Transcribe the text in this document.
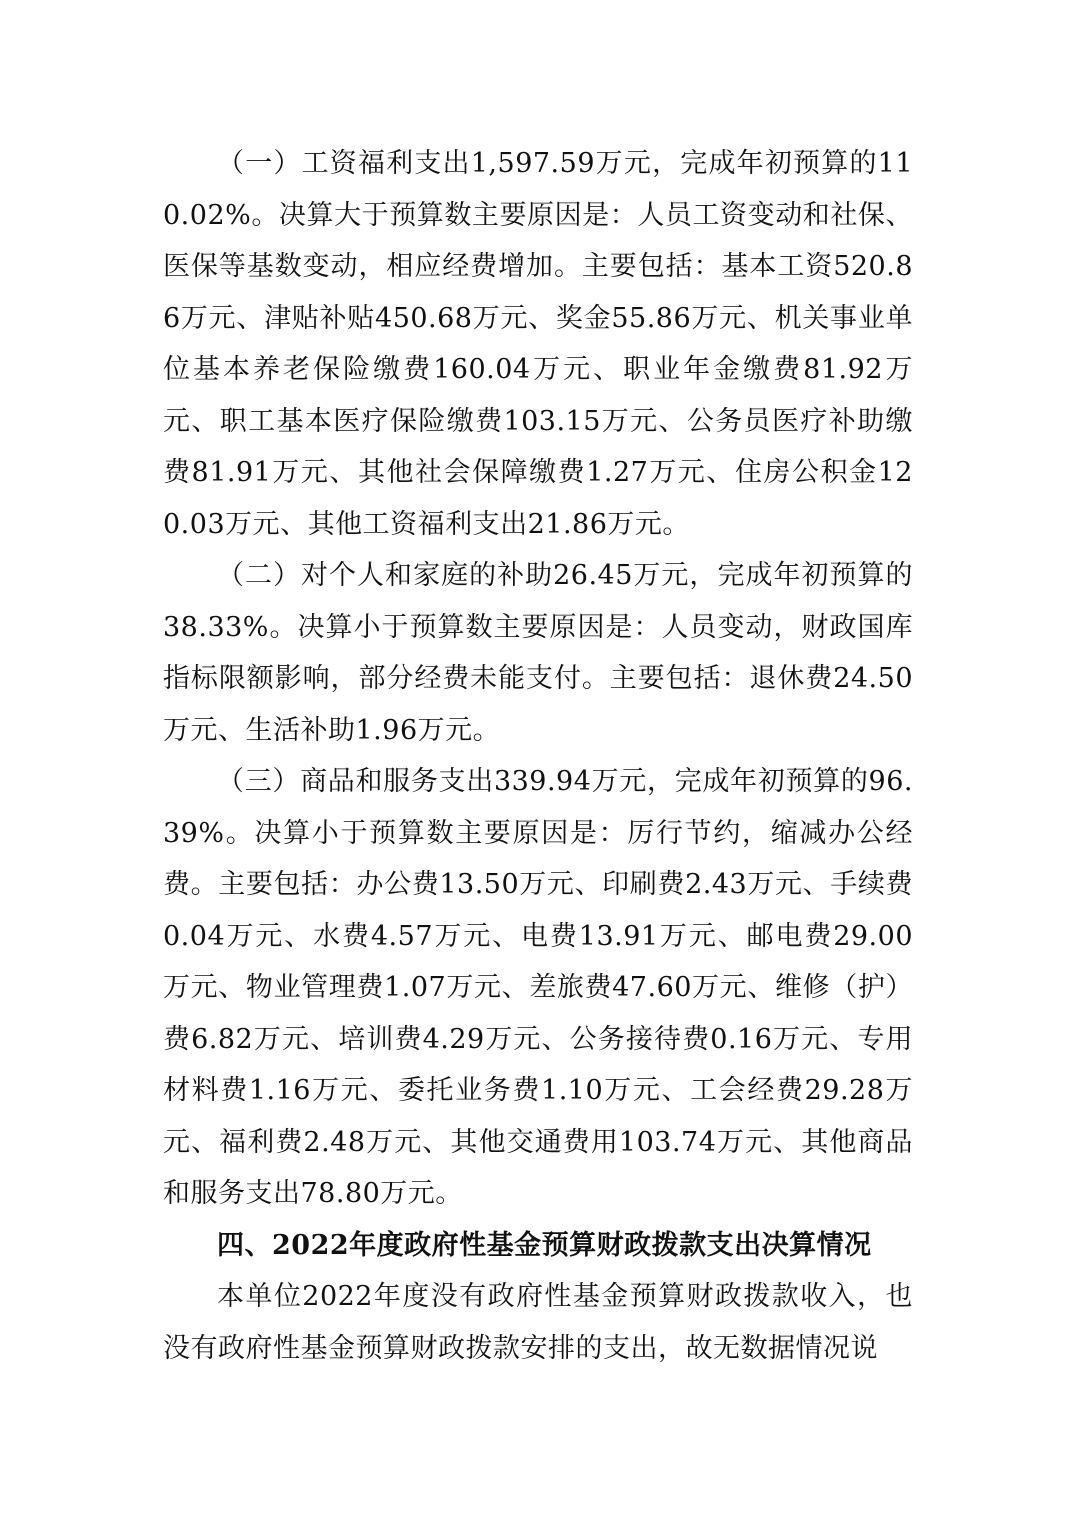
（一）工资福利支出1,597.59万元，完成年初预算的110.02%。决算大于预算数主要原因是：人员工资变动和社保、医保等基数变动，相应经费增加。主要包括：基本工资520.86万元、津贴补贴450.68万元、奖金55.86万元、机关事业单位基本养老保险缴费160.04万元、职业年金缴费81.92万元、职工基本医疗保险缴费103.15万元、公务员医疗补助缴费81.91万元、其他社会保障缴费1.27万元、住房公积金120.03万元、其他工资福利支出21.86万元。

（二）对个人和家庭的补助26.45万元，完成年初预算的38.33%。决算小于预算数主要原因是：人员变动，财政国库指标限额影响，部分经费未能支付。主要包括：退休费24.50万元、生活补助1.96万元。

（三）商品和服务支出339.94万元，完成年初预算的96.39%。决算小于预算数主要原因是：厉行节约，缩减办公经费。主要包括：办公费13.50万元、印刷费2.43万元、手续费0.04万元、水费4.57万元、电费13.91万元、邮电费29.00万元、物业管理费1.07万元、差旅费47.60万元、维修（护）费6.82万元、培训费4.29万元、公务接待费0.16万元、专用材料费1.16万元、委托业务费1.10万元、工会经费29.28万元、福利费2.48万元、其他交通费用103.74万元、其他商品和服务支出78.80万元。

四、2022年度政府性基金预算财政拨款支出决算情况

本单位2022年度没有政府性基金预算财政拨款收入，也没有政府性基金预算财政拨款安排的支出，故无数据情况说
